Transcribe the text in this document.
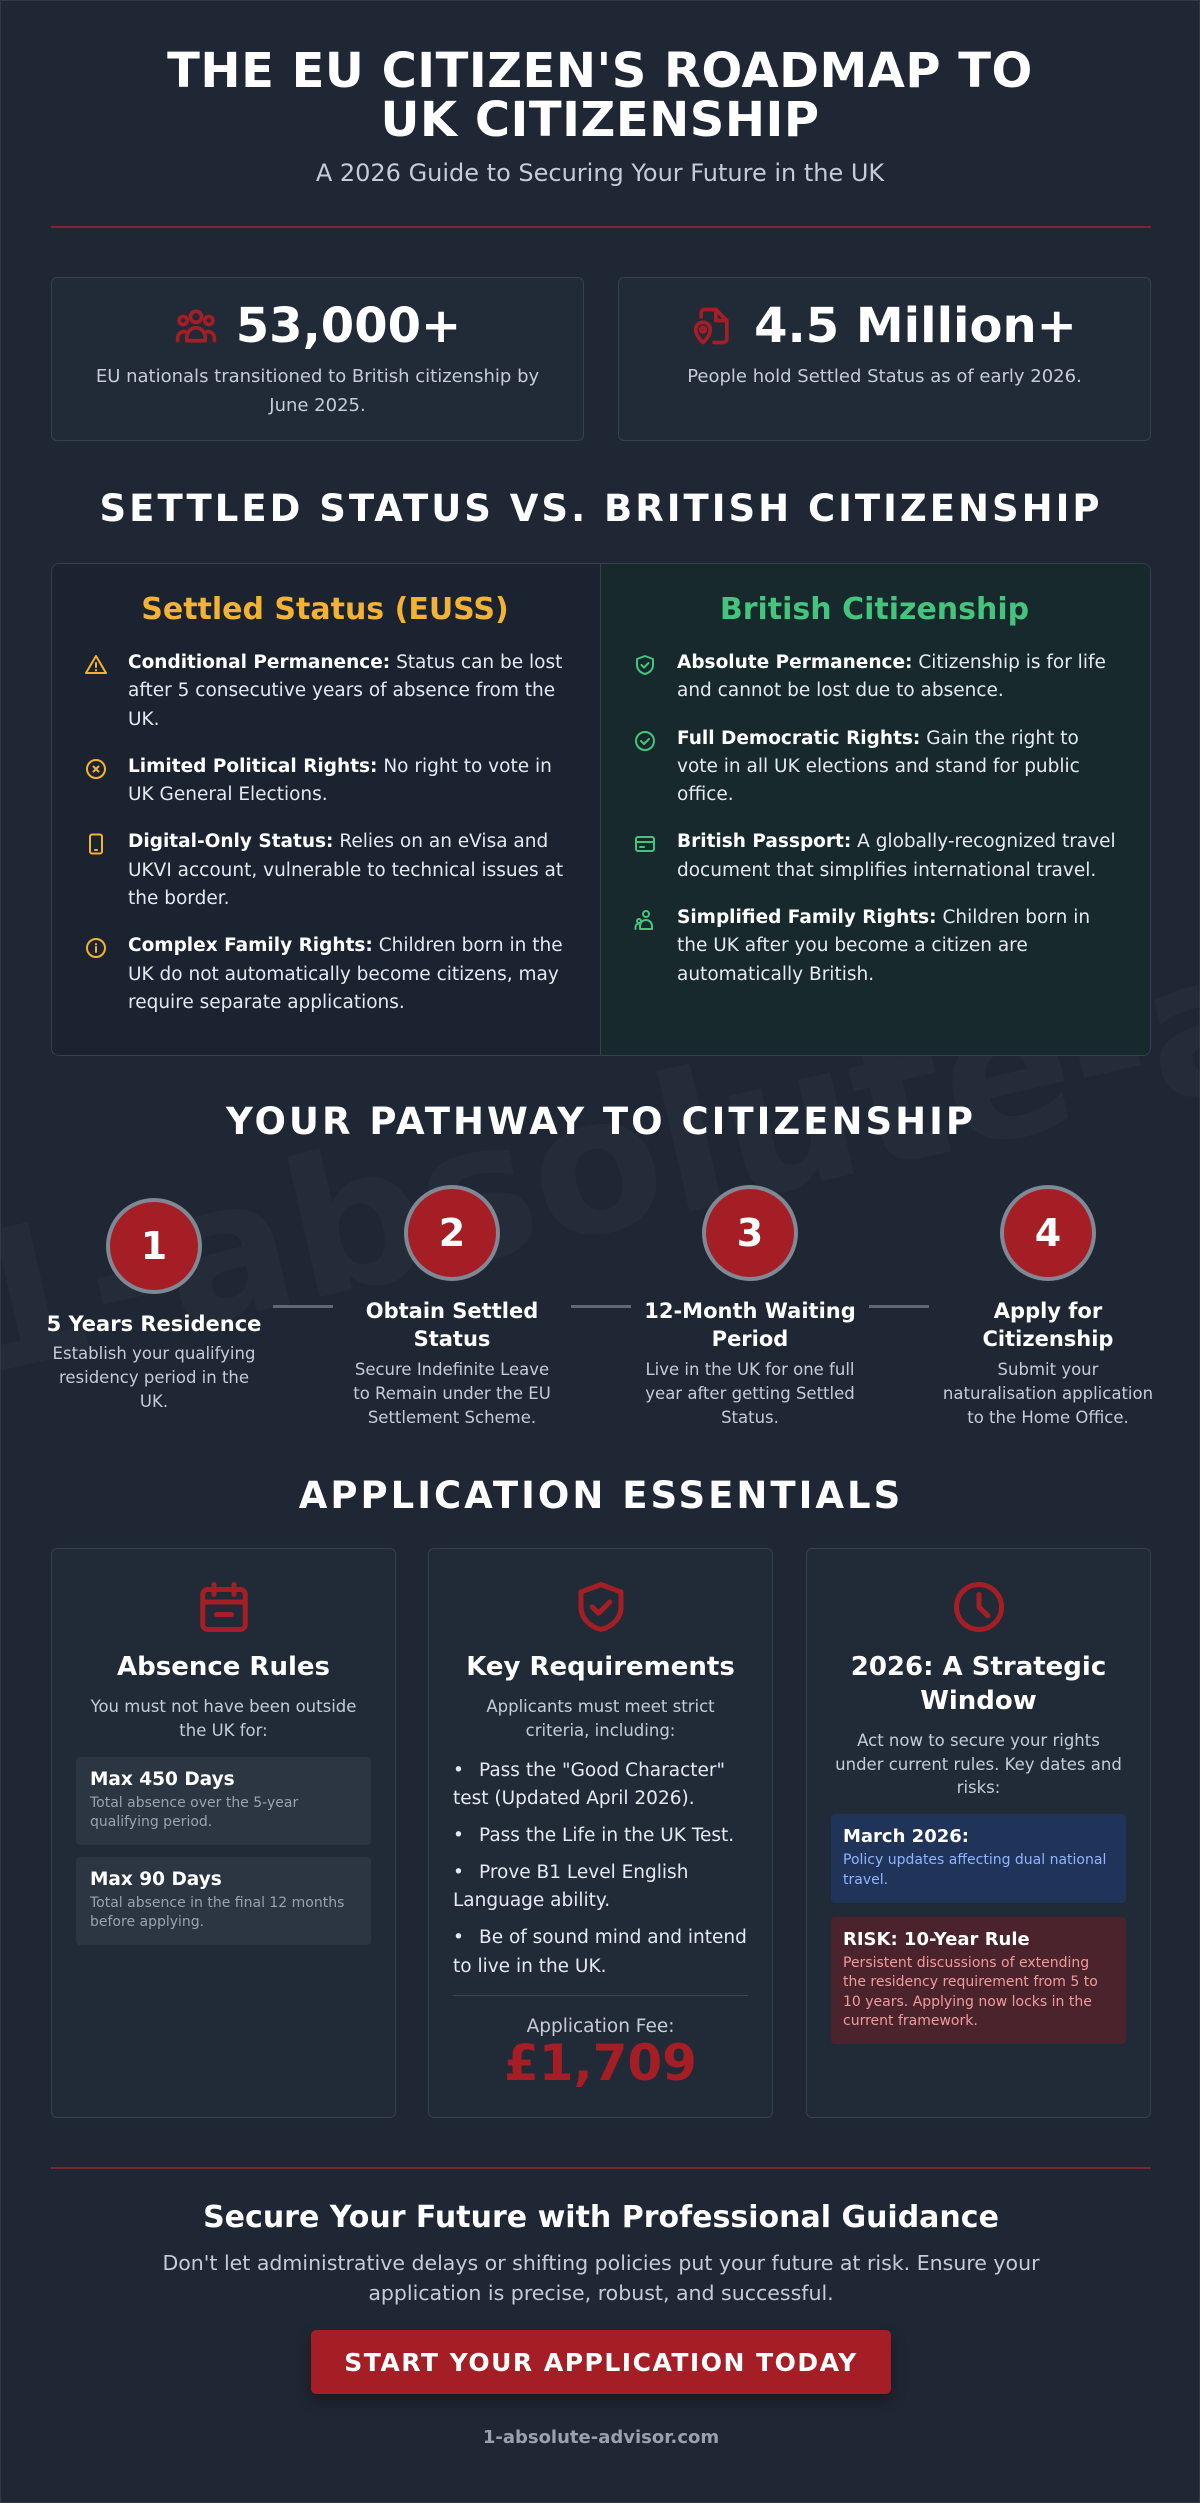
THE EU CITIZEN'S ROADMAP TO UK CITIZENSHIP
A 2026 Guide to Securing Your Future in the UK
53,000+
EU nationals transitioned to British citizenship by June 2025.
4.5 Million+
People hold Settled Status as of early 2026.
SETTLED STATUS VS. BRITISH CITIZENSHIP
Settled Status (EUSS)
Conditional Permanence: Status can be lost after 5 consecutive years of absence from the UK.
Limited Political Rights: No right to vote in UK General Elections.
Digital-Only Status: Relies on an eVisa and UKVI account, vulnerable to technical issues at the border.
Complex Family Rights: Children born in the UK do not automatically become citizens, may require separate applications.
British Citizenship
Absolute Permanence: Citizenship is for life and cannot be lost due to absence.
Full Democratic Rights: Gain the right to vote in all UK elections and stand for public office.
British Passport: A globally-recognized travel document that simplifies international travel.
Simplified Family Rights: Children born in the UK after you become a citizen are automatically British.
YOUR PATHWAY TO CITIZENSHIP
1
5 Years Residence
Establish your qualifying residency period in the UK.
2
Obtain Settled Status
Secure Indefinite Leave to Remain under the EU Settlement Scheme.
3
12-Month Waiting Period
Live in the UK for one full year after getting Settled Status.
4
Apply for Citizenship
Submit your naturalisation application to the Home Office.
APPLICATION ESSENTIALS
Absence Rules
You must not have been outside the UK for:
Max 450 Days
Total absence over the 5-year qualifying period.
Max 90 Days
Total absence in the final 12 months before applying.
Key Requirements
Applicants must meet strict criteria, including:
• Pass the "Good Character" test (Updated April 2026).
• Pass the Life in the UK Test.
• Prove B1 Level English Language ability.
• Be of sound mind and intend to live in the UK.
Application Fee:
£1,709
2026: A Strategic Window
Act now to secure your rights under current rules. Key dates and risks:
March 2026:
Policy updates affecting dual national travel.
RISK: 10-Year Rule
Persistent discussions of extending the residency requirement from 5 to 10 years. Applying now locks in the current framework.
Secure Your Future with Professional Guidance
Don't let administrative delays or shifting policies put your future at risk. Ensure your application is precise, robust, and successful.
START YOUR APPLICATION TODAY
1-absolute-advisor.com
